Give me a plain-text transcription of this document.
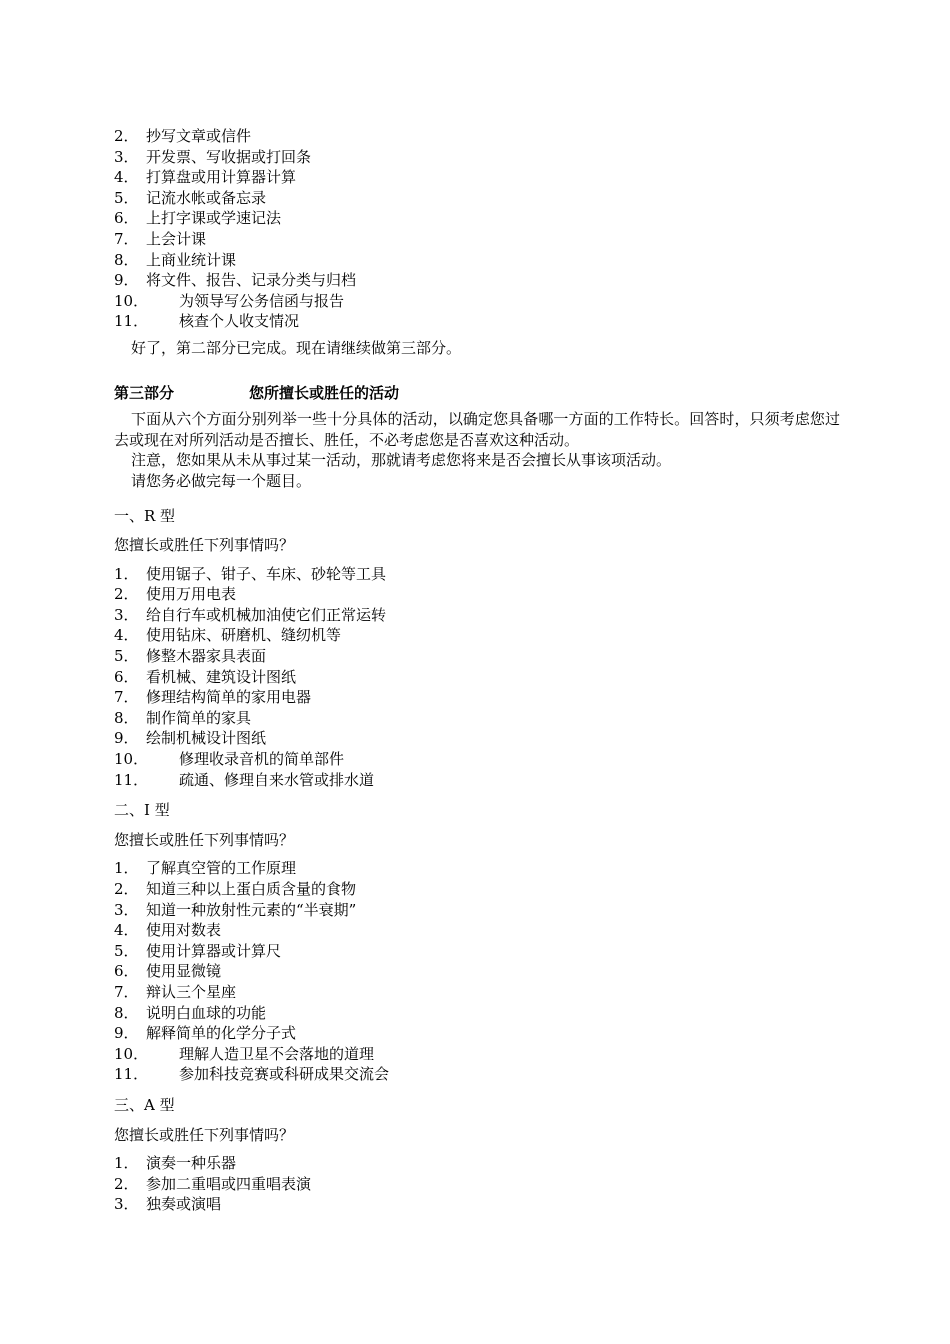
2． 抄写文章或信件
3． 开发票、写收据或打回条
4． 打算盘或用计算器计算
5． 记流水帐或备忘录
6． 上打字课或学速记法
7． 上会计课
8． 上商业统计课
9． 将文件、报告、记录分类与归档
10．	为领导写公务信函与报告
11．	核查个人收支情况
好了，第二部分已完成。现在请继续做第三部分。
第三部分	您所擅长或胜任的活动
下面从六个方面分别列举一些十分具体的活动，以确定您具备哪一方面的工作特长。回答时，只须考虑您过去或现在对所列活动是否擅长、胜任，不必考虑您是否喜欢这种活动。
注意，您如果从未从事过某一活动，那就请考虑您将来是否会擅长从事该项活动。
请您务必做完每一个题目。
一、R 型
您擅长或胜任下列事情吗？
1． 使用锯子、钳子、车床、砂轮等工具
2． 使用万用电表
3． 给自行车或机械加油使它们正常运转
4． 使用钻床、研磨机、缝纫机等
5． 修整木器家具表面
6． 看机械、建筑设计图纸
7． 修理结构简单的家用电器
8． 制作简单的家具
9． 绘制机械设计图纸
10．	修理收录音机的简单部件
11．	疏通、修理自来水管或排水道
二、I 型
您擅长或胜任下列事情吗？
1． 了解真空管的工作原理
2． 知道三种以上蛋白质含量的食物
3． 知道一种放射性元素的“半衰期”
4． 使用对数表
5． 使用计算器或计算尺
6． 使用显微镜
7． 辩认三个星座
8． 说明白血球的功能
9． 解释简单的化学分子式
10．	理解人造卫星不会落地的道理
11．	参加科技竞赛或科研成果交流会
三、A 型
您擅长或胜任下列事情吗？
1． 演奏一种乐器
2． 参加二重唱或四重唱表演
3． 独奏或演唱
